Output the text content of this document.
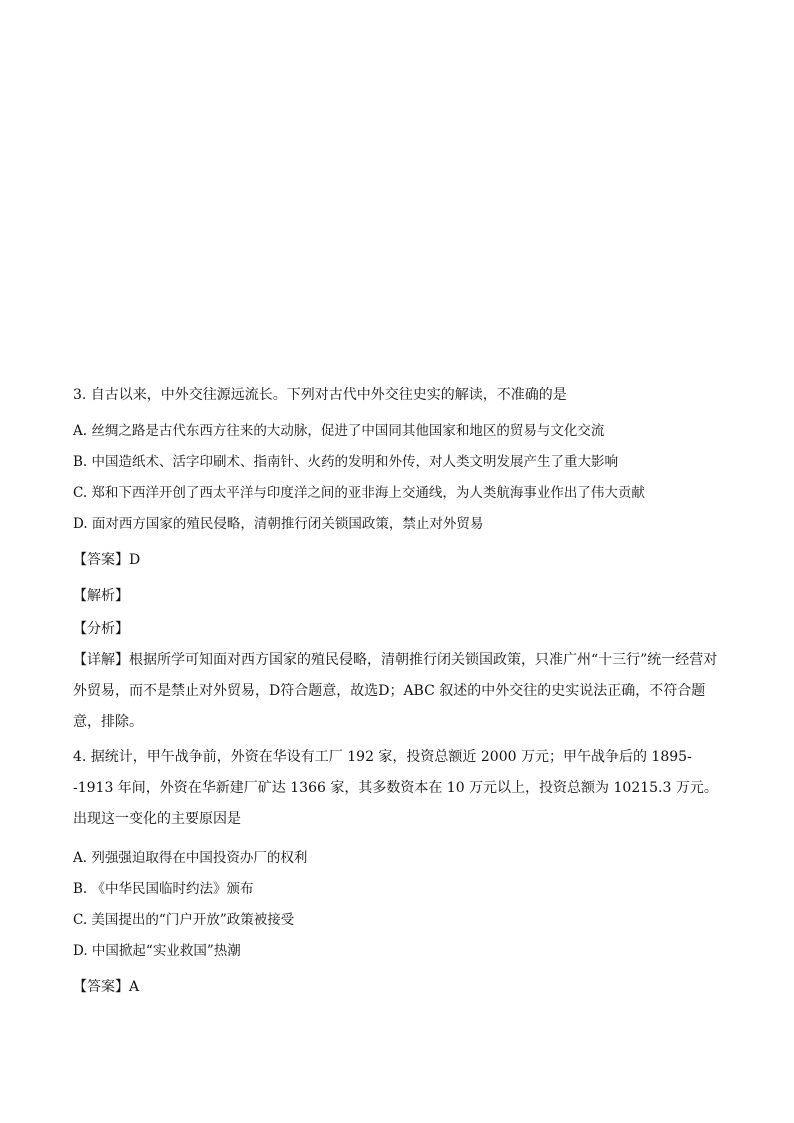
3. 自古以来，中外交往源远流长。下列对古代中外交往史实的解读，不准确的是
A. 丝绸之路是古代东西方往来的大动脉，促进了中国同其他国家和地区的贸易与文化交流
B. 中国造纸术、活字印刷术、指南针、火药的发明和外传，对人类文明发展产生了重大影响
C. 郑和下西洋开创了西太平洋与印度洋之间的亚非海上交通线，为人类航海事业作出了伟大贡献
D. 面对西方国家的殖民侵略，清朝推行闭关锁国政策，禁止对外贸易
【答案】D
【解析】
【分析】
【详解】根据所学可知面对西方国家的殖民侵略，清朝推行闭关锁国政策，只准广州“十三行”统一经营对外贸易，而不是禁止对外贸易，D符合题意，故选D；ABC 叙述的中外交往的史实说法正确，不符合题意，排除。
4. 据统计，甲午战争前，外资在华设有工厂 192 家，投资总额近 2000 万元；甲午战争后的 1895--1913 年间，外资在华新建厂矿达 1366 家，其多数资本在 10 万元以上，投资总额为 10215.3 万元。出现这一变化的主要原因是
A. 列强强迫取得在中国投资办厂的权利
B. 《中华民国临时约法》颁布
C. 美国提出的“门户开放”政策被接受
D. 中国掀起“实业救国”热潮
【答案】A
